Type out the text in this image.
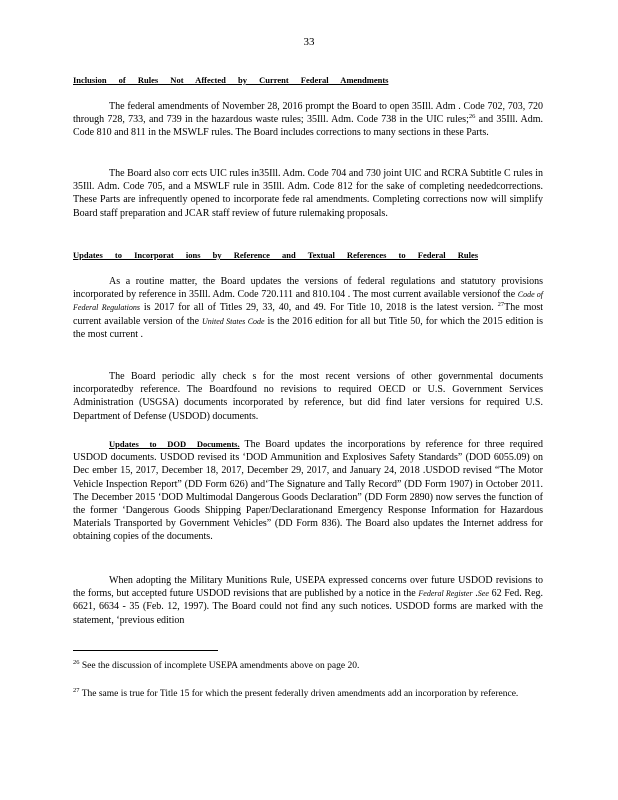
33
Inclusion of Rules Not Affected by Current Federal Amendments

The federal amendments of November 28, 2016 prompt the Board to open 35Ill. Adm . Code 702, 703, 720 through 728, 733, and 739 in the hazardous waste rules; 35Ill. Adm. Code 738 in the UIC rules;$^{26}$ and 35Ill. Adm. Code 810 and 811 in the MSWLF rules. The Board includes corrections to many sections in these Parts.

The Board also corr ects UIC rules in35Ill. Adm. Code 704 and 730 joint UIC and RCRA Subtitle C rules in 35Ill. Adm. Code 705, and a MSWLF rule in 35Ill. Adm. Code 812 for the sake of completing neededcorrections. These Parts are infrequently opened to incorporate fede ral amendments. Completing corrections now will simplify Board staff preparation and JCAR staff review of future rulemaking proposals.

Updates to Incorporat ions by Reference and Textual References to Federal Rules

As a routine matter, the Board updates the versions of federal regulations and statutory provisions incorporated by reference in 35Ill. Adm. Code 720.111 and 810.104 . The most current available versionof the Code of Federal Regulations is 2017 for all of Titles 29, 33, 40, and 49. For Title 10, 2018 is the latest version. $^{27}$The most current available version of the United States Code is the 2016 edition for all but Title 50, for which the 2015 edition is the most current .

The Board periodic ally check s for the most recent versions of other governmental documents incorporatedby reference. The Boardfound no revisions to required OECD or U.S. Government Services Administration (USGSA) documents incorporated by reference, but did find later versions for required U.S. Department of Defense (USDOD) documents.

Updates to DOD Documents. The Board updates the incorporations by reference for three required USDOD documents. USDOD revised its ‘DOD Ammunition and Explosives Safety Standards” (DOD 6055.09) on Dec ember 15, 2017, December 18, 2017, December 29, 2017, and January 24, 2018 .USDOD revised “The Motor Vehicle Inspection Report” (DD Form 626) and‘The Signature and Tally Record” (DD Form 1907) in October 2011. The December 2015 ‘DOD Multimodal Dangerous Goods Declaration” (DD Form 2890) now serves the function of the former ‘Dangerous Goods Shipping Paper/Declarationand Emergency Response Information for Hazardous Materials Transported by Government Vehicles” (DD Form 836). The Board also updates the Internet address for obtaining copies of the documents.

When adopting the Military Munitions Rule, USEPA expressed concerns over future USDOD revisions to the forms, but accepted future USDOD revisions that are published by a notice in the Federal Register .See 62 Fed. Reg. 6621, 6634 - 35 (Feb. 12, 1997). The Board could not find any such notices. USDOD forms are marked with the statement, ‘previous edition

$^{26}$ See the discussion of incomplete USEPA amendments above on page 20.

$^{27}$ The same is true for Title 15 for which the present federally driven amendments add an incorporation by reference.
